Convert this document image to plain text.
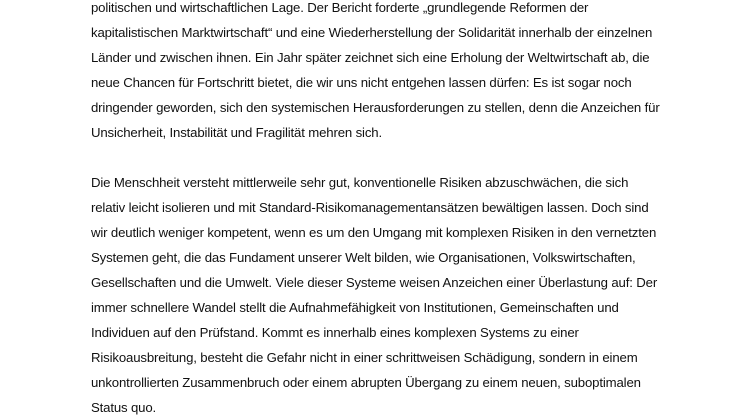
politischen und wirtschaftlichen Lage. Der Bericht forderte „grundlegende Reformen der
kapitalistischen Marktwirtschaft“ und eine Wiederherstellung der Solidarität innerhalb der einzelnen
Länder und zwischen ihnen. Ein Jahr später zeichnet sich eine Erholung der Weltwirtschaft ab, die
neue Chancen für Fortschritt bietet, die wir uns nicht entgehen lassen dürfen: Es ist sogar noch
dringender geworden, sich den systemischen Herausforderungen zu stellen, denn die Anzeichen für
Unsicherheit, Instabilität und Fragilität mehren sich.

Die Menschheit versteht mittlerweile sehr gut, konventionelle Risiken abzuschwächen, die sich
relativ leicht isolieren und mit Standard-Risikomanagementansätzen bewältigen lassen. Doch sind
wir deutlich weniger kompetent, wenn es um den Umgang mit komplexen Risiken in den vernetzten
Systemen geht, die das Fundament unserer Welt bilden, wie Organisationen, Volkswirtschaften,
Gesellschaften und die Umwelt. Viele dieser Systeme weisen Anzeichen einer Überlastung auf: Der
immer schnellere Wandel stellt die Aufnahmefähigkeit von Institutionen, Gemeinschaften und
Individuen auf den Prüfstand. Kommt es innerhalb eines komplexen Systems zu einer
Risikoausbreitung, besteht die Gefahr nicht in einer schrittweisen Schädigung, sondern in einem
unkontrollierten Zusammenbruch oder einem abrupten Übergang zu einem neuen, suboptimalen
Status quo.
